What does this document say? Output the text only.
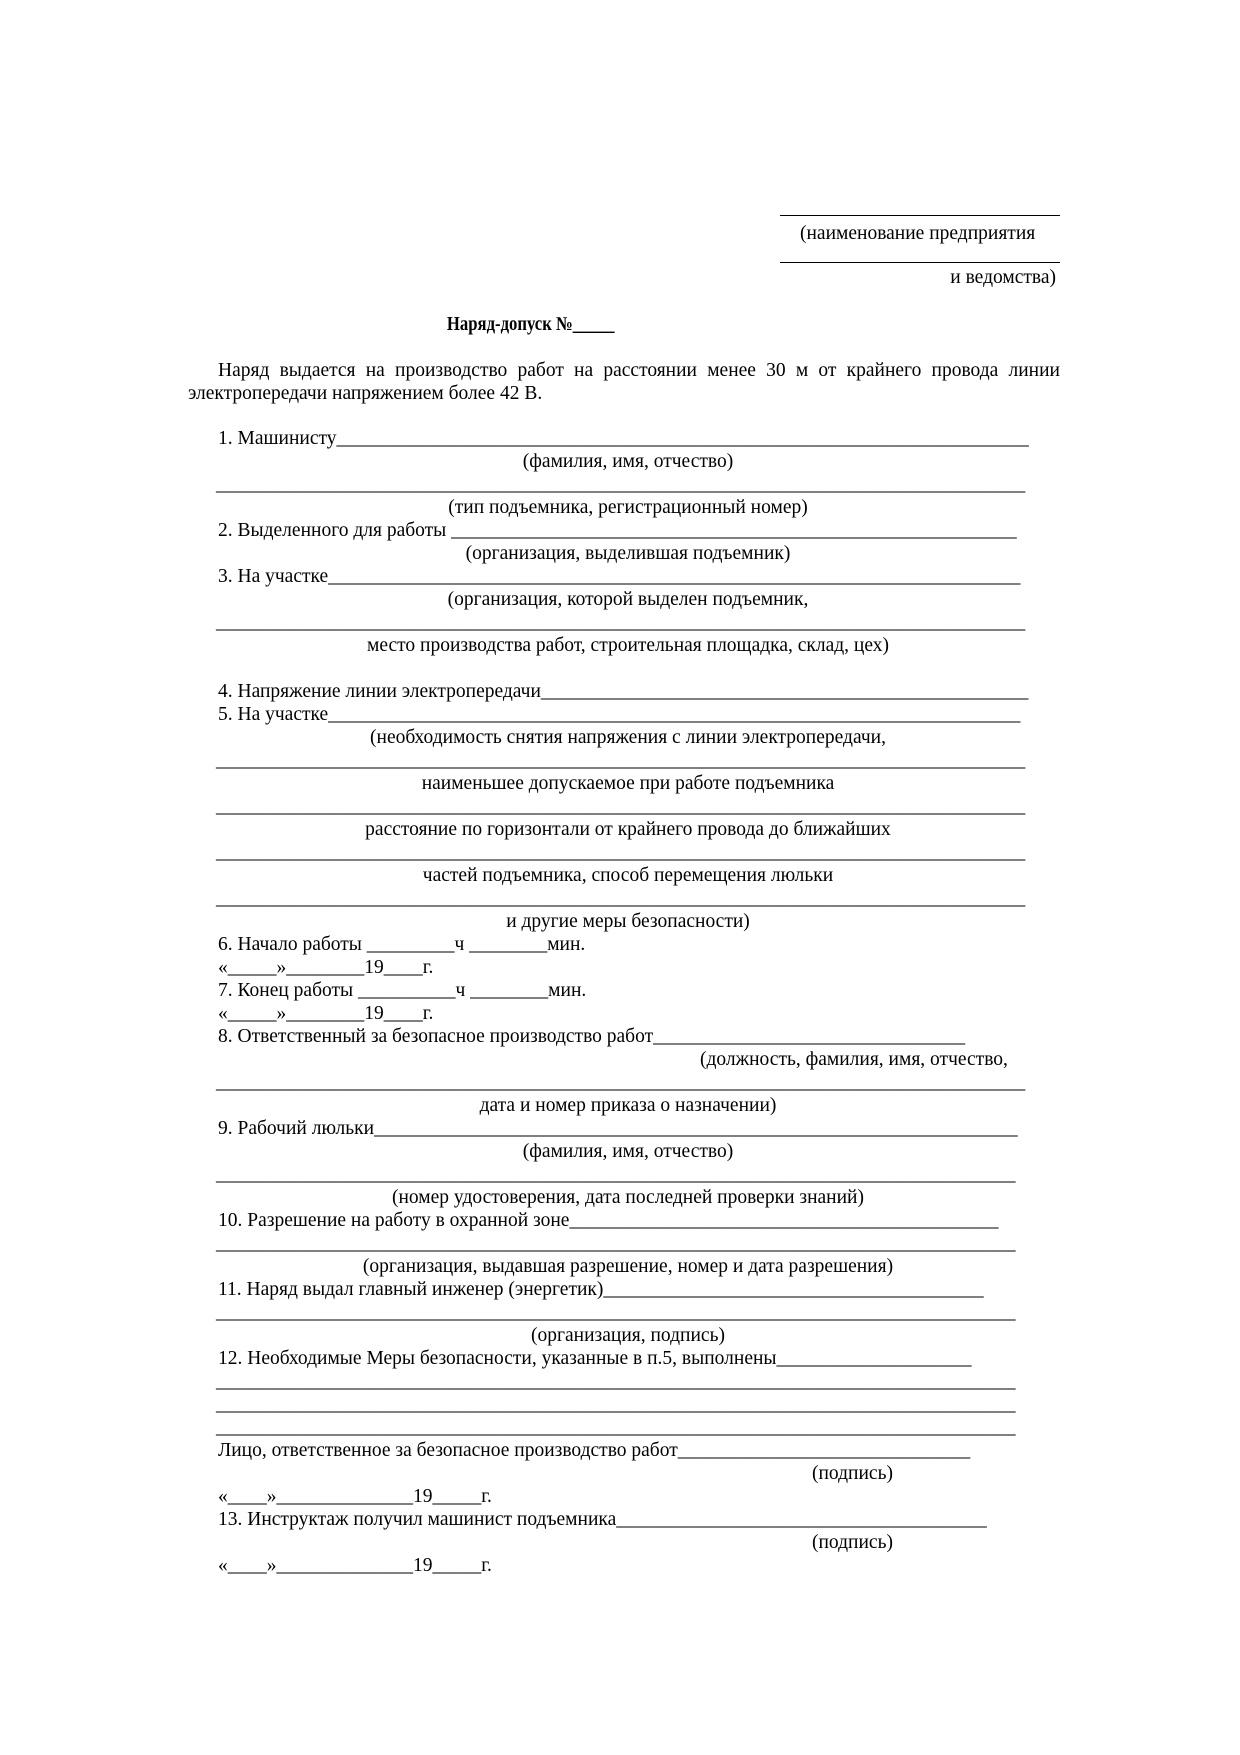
(наименование предприятия
и ведомства)
Наряд-допуск №_____
Наряд выдается на производство работ на расстоянии менее 30 м от крайнего провода линии
электропередачи напряжением более 42 В.
1. Машинисту_______________________________________________________________________
(фамилия, имя, отчество)
___________________________________________________________________________________
(тип подъемника, регистрационный номер)
2. Выделенного для работы __________________________________________________________
(организация, выделившая подъемник)
3. На участке_______________________________________________________________________
(организация, которой выделен подъемник,
___________________________________________________________________________________
место производства работ, строительная площадка, склад, цех)
4. Напряжение линии электропередачи__________________________________________________
5. На участке_______________________________________________________________________
(необходимость снятия напряжения с линии электропередачи,
___________________________________________________________________________________
наименьшее допускаемое при работе подъемника
___________________________________________________________________________________
расстояние по горизонтали от крайнего провода до ближайших
___________________________________________________________________________________
частей подъемника, способ перемещения люльки
___________________________________________________________________________________
и другие меры безопасности)
6. Начало работы _________ч ________мин.
«_____»________19____г.
7. Конец работы __________ч ________мин.
«_____»________19____г.
8. Ответственный за безопасное производство работ________________________________
(должность, фамилия, имя, отчество,
___________________________________________________________________________________
дата и номер приказа о назначении)
9. Рабочий люльки__________________________________________________________________
(фамилия, имя, отчество)
__________________________________________________________________________________
(номер удостоверения, дата последней проверки знаний)
10. Разрешение на работу в охранной зоне____________________________________________
__________________________________________________________________________________
(организация, выдавшая разрешение, номер и дата разрешения)
11. Наряд выдал главный инженер (энергетик)_______________________________________
__________________________________________________________________________________
(организация, подпись)
12. Необходимые Меры безопасности, указанные в п.5, выполнены____________________
__________________________________________________________________________________
__________________________________________________________________________________
__________________________________________________________________________________
Лицо, ответственное за безопасное производство работ______________________________
(подпись)
«____»______________19_____г.
13. Инструктаж получил машинист подъемника______________________________________
(подпись)
«____»______________19_____г.
